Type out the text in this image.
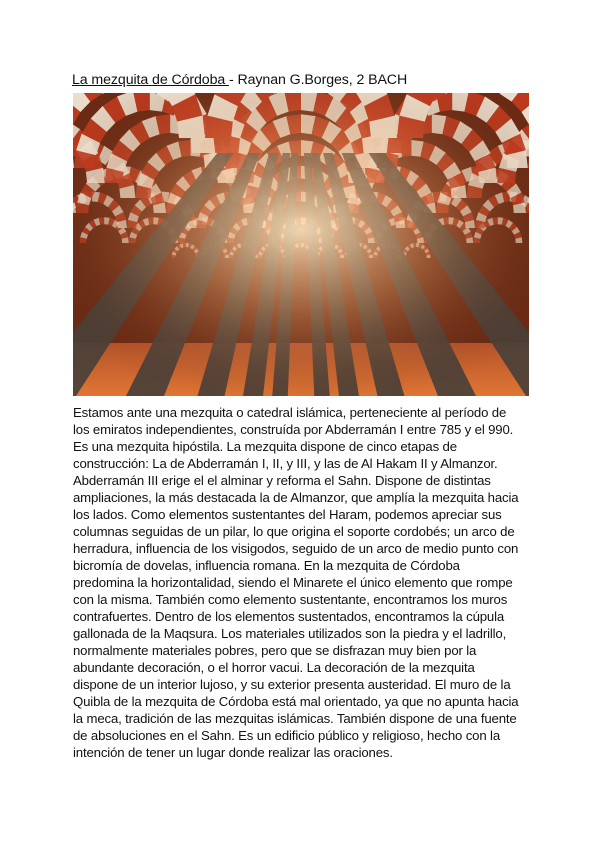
La mezquita de Córdoba - Raynan G.Borges, 2 BACH
Estamos ante una mezquita o catedral islámica, perteneciente al período de
los emiratos independientes, construída por Abderramán I entre 785 y el 990.
Es una mezquita hipóstila. La mezquita dispone de cinco etapas de
construcción: La de Abderramán I, II, y III, y las de Al Hakam II y Almanzor.
Abderramán III erige el el alminar y reforma el Sahn. Dispone de distintas
ampliaciones, la más destacada la de Almanzor, que amplía la mezquita hacia
los lados. Como elementos sustentantes del Haram, podemos apreciar sus
columnas seguidas de un pilar, lo que origina el soporte cordobés; un arco de
herradura, influencia de los visigodos, seguido de un arco de medio punto con
bicromía de dovelas, influencia romana. En la mezquita de Córdoba
predomina la horizontalidad, siendo el Minarete el único elemento que rompe
con la misma. También como elemento sustentante, encontramos los muros
contrafuertes. Dentro de los elementos sustentados, encontramos la cúpula
gallonada de la Maqsura. Los materiales utilizados son la piedra y el ladrillo,
normalmente materiales pobres, pero que se disfrazan muy bien por la
abundante decoración, o el horror vacui. La decoración de la mezquita
dispone de un interior lujoso, y su exterior presenta austeridad. El muro de la
Quibla de la mezquita de Córdoba está mal orientado, ya que no apunta hacia
la meca, tradición de las mezquitas islámicas. También dispone de una fuente
de absoluciones en el Sahn. Es un edificio público y religioso, hecho con la
intención de tener un lugar donde realizar las oraciones.
